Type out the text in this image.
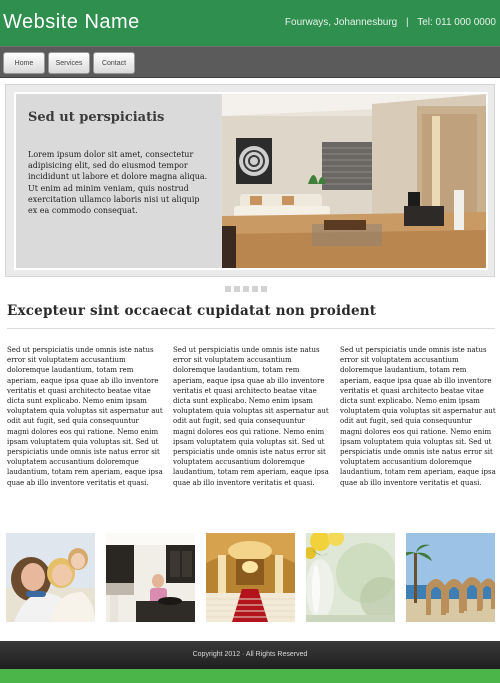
Website Name	Fourways, Johannesburg | Tel: 011 000 0000
Home	Services	Contact
Sed ut perspiciatis
Lorem ipsum dolor sit amet, consectetur adipisicing elit, sed do eiusmod tempor incididunt ut labore et dolore magna aliqua. Ut enim ad minim veniam, quis nostrud exercitation ullamco laboris nisi ut aliquip ex ea commodo consequat.
Excepteur sint occaecat cupidatat non proident
Sed ut perspiciatis unde omnis iste natus error sit voluptatem accusantium doloremque laudantium, totam rem aperiam, eaque ipsa quae ab illo inventore veritatis et quasi architecto beatae vitae dicta sunt explicabo. Nemo enim ipsam voluptatem quia voluptas sit aspernatur aut odit aut fugit, sed quia consequuntur magni dolores eos qui ratione. Nemo enim ipsam voluptatem quia voluptas sit. Sed ut perspiciatis unde omnis iste natus error sit voluptatem accusantium doloremque laudantium, totam rem aperiam, eaque ipsa quae ab illo inventore veritatis et quasi.
Sed ut perspiciatis unde omnis iste natus error sit voluptatem accusantium doloremque laudantium, totam rem aperiam, eaque ipsa quae ab illo inventore veritatis et quasi architecto beatae vitae dicta sunt explicabo. Nemo enim ipsam voluptatem quia voluptas sit aspernatur aut odit aut fugit, sed quia consequuntur magni dolores eos qui ratione. Nemo enim ipsam voluptatem quia voluptas sit. Sed ut perspiciatis unde omnis iste natus error sit voluptatem accusantium doloremque laudantium, totam rem aperiam, eaque ipsa quae ab illo inventore veritatis et quasi.
Sed ut perspiciatis unde omnis iste natus error sit voluptatem accusantium doloremque laudantium, totam rem aperiam, eaque ipsa quae ab illo inventore veritatis et quasi architecto beatae vitae dicta sunt explicabo. Nemo enim ipsam voluptatem quia voluptas sit aspernatur aut odit aut fugit, sed quia consequuntur magni dolores eos qui ratione. Nemo enim ipsam voluptatem quia voluptas sit. Sed ut perspiciatis unde omnis iste natus error sit voluptatem accusantium doloremque laudantium, totam rem aperiam, eaque ipsa quae ab illo inventore veritatis et quasi.
Copyright 2012 · All Rights Reserved
